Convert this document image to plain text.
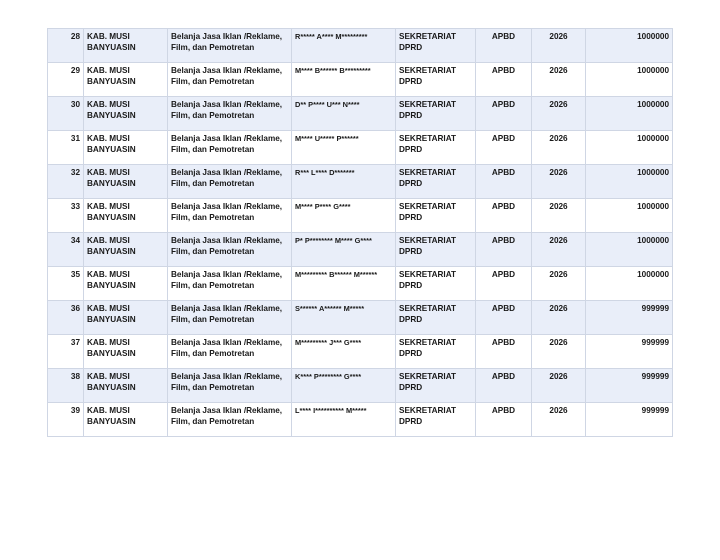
28	KAB. MUSI BANYUASIN	Belanja Jasa Iklan /Reklame, Film, dan Pemotretan	R***** A**** M*********	SEKRETARIAT DPRD	APBD	2026	1000000
29	KAB. MUSI BANYUASIN	Belanja Jasa Iklan /Reklame, Film, dan Pemotretan	M**** B****** B*********	SEKRETARIAT DPRD	APBD	2026	1000000
30	KAB. MUSI BANYUASIN	Belanja Jasa Iklan /Reklame, Film, dan Pemotretan	D** P**** U*** N****	SEKRETARIAT DPRD	APBD	2026	1000000
31	KAB. MUSI BANYUASIN	Belanja Jasa Iklan /Reklame, Film, dan Pemotretan	M**** U***** P******	SEKRETARIAT DPRD	APBD	2026	1000000
32	KAB. MUSI BANYUASIN	Belanja Jasa Iklan /Reklame, Film, dan Pemotretan	R*** L**** D*******	SEKRETARIAT DPRD	APBD	2026	1000000
33	KAB. MUSI BANYUASIN	Belanja Jasa Iklan /Reklame, Film, dan Pemotretan	M**** P**** G****	SEKRETARIAT DPRD	APBD	2026	1000000
34	KAB. MUSI BANYUASIN	Belanja Jasa Iklan /Reklame, Film, dan Pemotretan	P* P******** M**** G****	SEKRETARIAT DPRD	APBD	2026	1000000
35	KAB. MUSI BANYUASIN	Belanja Jasa Iklan /Reklame, Film, dan Pemotretan	M********* B****** M******	SEKRETARIAT DPRD	APBD	2026	1000000
36	KAB. MUSI BANYUASIN	Belanja Jasa Iklan /Reklame, Film, dan Pemotretan	S****** A****** M*****	SEKRETARIAT DPRD	APBD	2026	999999
37	KAB. MUSI BANYUASIN	Belanja Jasa Iklan /Reklame, Film, dan Pemotretan	M********* J*** G****	SEKRETARIAT DPRD	APBD	2026	999999
38	KAB. MUSI BANYUASIN	Belanja Jasa Iklan /Reklame, Film, dan Pemotretan	K**** P******** G****	SEKRETARIAT DPRD	APBD	2026	999999
39	KAB. MUSI BANYUASIN	Belanja Jasa Iklan /Reklame, Film, dan Pemotretan	L**** I********** M*****	SEKRETARIAT DPRD	APBD	2026	999999
